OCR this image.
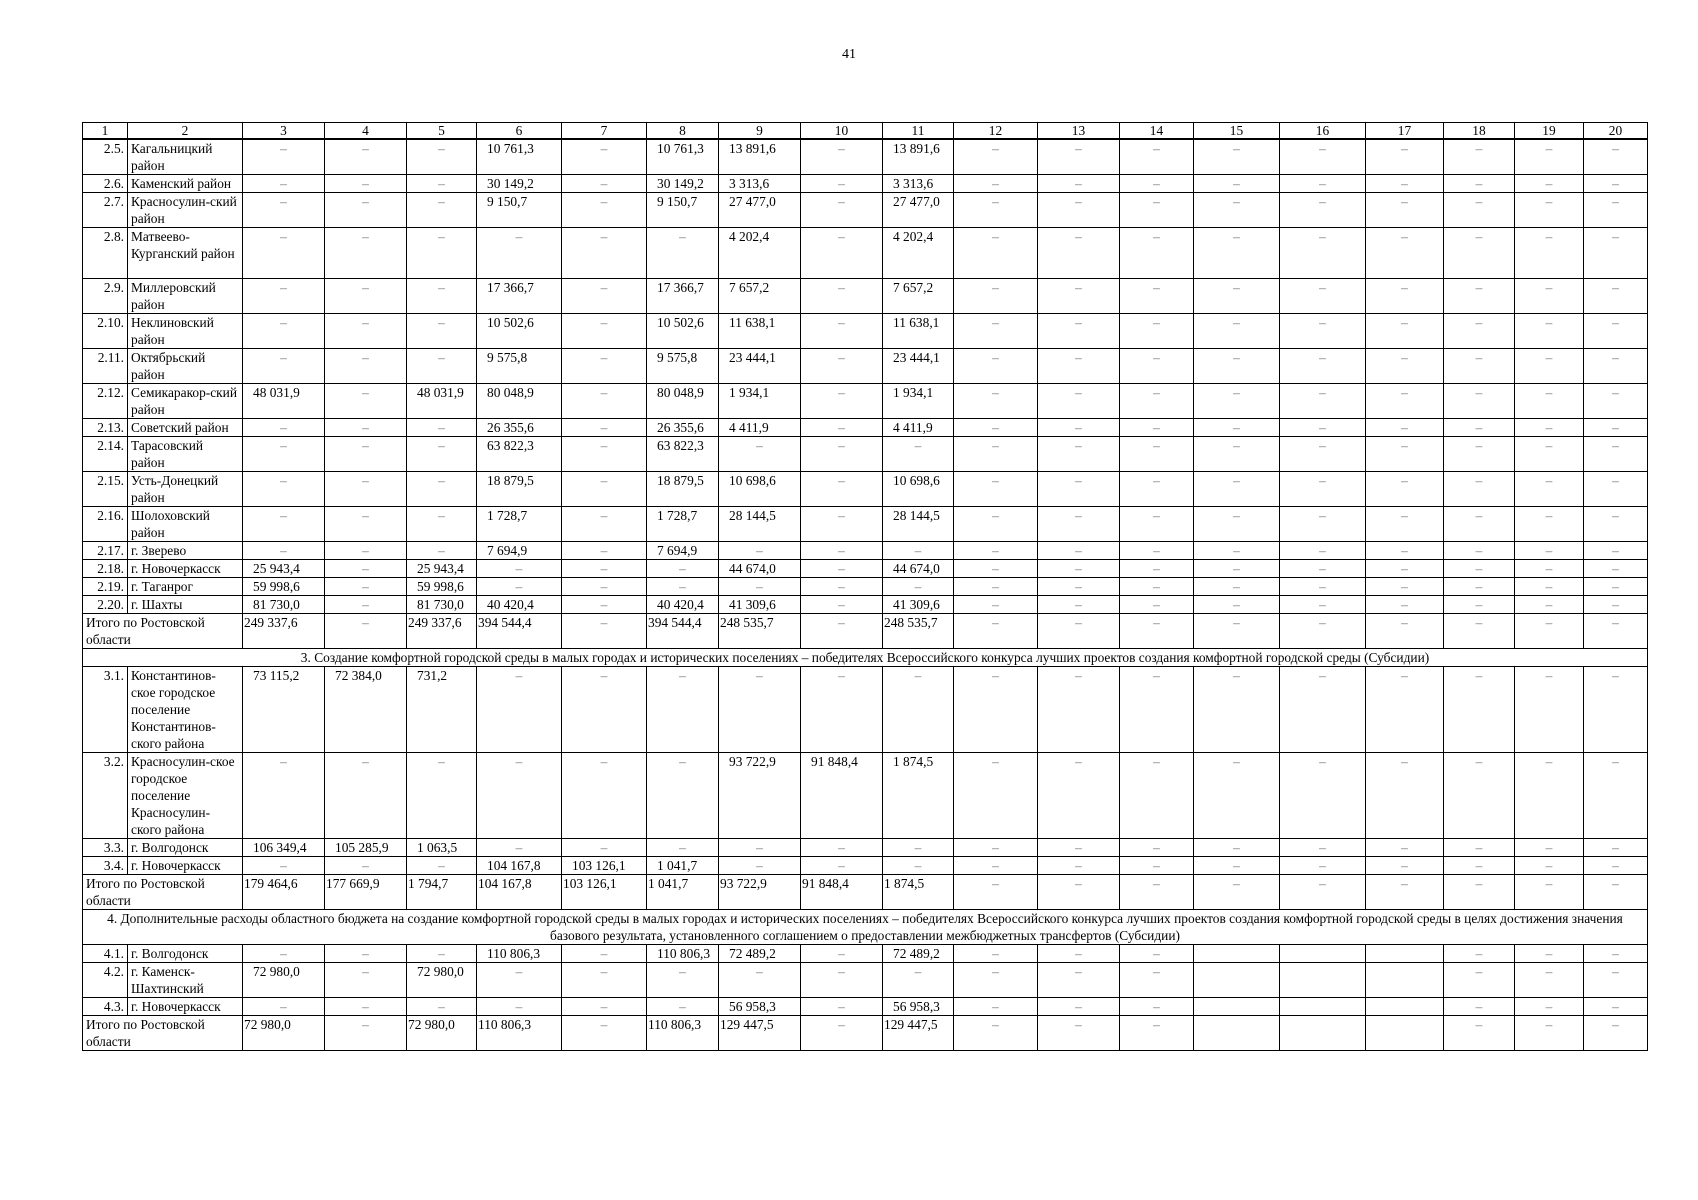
41
1	2	3	4	5	6	7	8	9	10	11	12	13	14	15	16	17	18	19	20
2.5.	Кагальницкий район	–	–	–	10 761,3	–	10 761,3	13 891,6	–	13 891,6	–	–	–	–	–	–	–	–	–
2.6.	Каменский район	–	–	–	30 149,2	–	30 149,2	3 313,6	–	3 313,6	–	–	–	–	–	–	–	–	–
2.7.	Красносулин-ский район	–	–	–	9 150,7	–	9 150,7	27 477,0	–	27 477,0	–	–	–	–	–	–	–	–	–
2.8.	Матвеево-Курганский район	–	–	–	–	–	–	4 202,4	–	4 202,4	–	–	–	–	–	–	–	–	–
2.9.	Миллеровский район	–	–	–	17 366,7	–	17 366,7	7 657,2	–	7 657,2	–	–	–	–	–	–	–	–	–
2.10.	Неклиновский район	–	–	–	10 502,6	–	10 502,6	11 638,1	–	11 638,1	–	–	–	–	–	–	–	–	–
2.11.	Октябрьский район	–	–	–	9 575,8	–	9 575,8	23 444,1	–	23 444,1	–	–	–	–	–	–	–	–	–
2.12.	Семикаракор-ский район	48 031,9	–	48 031,9	80 048,9	–	80 048,9	1 934,1	–	1 934,1	–	–	–	–	–	–	–	–	–
2.13.	Советский район	–	–	–	26 355,6	–	26 355,6	4 411,9	–	4 411,9	–	–	–	–	–	–	–	–	–
2.14.	Тарасовский район	–	–	–	63 822,3	–	63 822,3	–	–	–	–	–	–	–	–	–	–	–	–
2.15.	Усть-Донецкий район	–	–	–	18 879,5	–	18 879,5	10 698,6	–	10 698,6	–	–	–	–	–	–	–	–	–
2.16.	Шолоховский район	–	–	–	1 728,7	–	1 728,7	28 144,5	–	28 144,5	–	–	–	–	–	–	–	–	–
2.17.	г. Зверево	–	–	–	7 694,9	–	7 694,9	–	–	–	–	–	–	–	–	–	–	–	–
2.18.	г. Новочеркасск	25 943,4	–	25 943,4	–	–	–	44 674,0	–	44 674,0	–	–	–	–	–	–	–	–	–
2.19.	г. Таганрог	59 998,6	–	59 998,6	–	–	–	–	–	–	–	–	–	–	–	–	–	–	–
2.20.	г. Шахты	81 730,0	–	81 730,0	40 420,4	–	40 420,4	41 309,6	–	41 309,6	–	–	–	–	–	–	–	–	–
Итого по Ростовской области		249 337,6	–	249 337,6	394 544,4	–	394 544,4	248 535,7	–	248 535,7	–	–	–	–	–	–	–	–	–
3. Создание комфортной городской среды в малых городах и исторических поселениях – победителях Всероссийского конкурса лучших проектов создания комфортной городской среды (Субсидии)																			
3.1.	Константинов-ское городское поселение Константинов-ского района	73 115,2	72 384,0	731,2	–	–	–	–	–	–	–	–	–	–	–	–	–	–	–
3.2.	Красносулин-ское городское поселение Красносулин-ского района	–	–	–	–	–	–	93 722,9	91 848,4	1 874,5	–	–	–	–	–	–	–	–	–
3.3.	г. Волгодонск	106 349,4	105 285,9	1 063,5	–	–	–	–	–	–	–	–	–	–	–	–	–	–	–
3.4.	г. Новочеркасск	–	–	–	104 167,8	103 126,1	1 041,7	–	–	–	–	–	–	–	–	–	–	–	–
Итого по Ростовской области		179 464,6	177 669,9	1 794,7	104 167,8	103 126,1	1 041,7	93 722,9	91 848,4	1 874,5	–	–	–	–	–	–	–	–	–
4. Дополнительные расходы областного бюджета на создание комфортной городской среды в малых городах и исторических поселениях – победителях Всероссийского конкурса лучших проектов создания комфортной городской среды в целях достижения значения базового результата, установленного соглашением о предоставлении межбюджетных трансфертов (Субсидии)																			
4.1.	г. Волгодонск	–	–	–	110 806,3	–	110 806,3	72 489,2	–	72 489,2	–	–	–				–	–	–
4.2.	г. Каменск-Шахтинский	72 980,0	–	72 980,0	–	–	–	–	–	–	–	–	–				–	–	–
4.3.	г. Новочеркасск	–	–	–	–	–	–	56 958,3	–	56 958,3	–	–	–				–	–	–
Итого по Ростовской области		72 980,0	–	72 980,0	110 806,3	–	110 806,3	129 447,5	–	129 447,5	–	–	–				–	–	–
